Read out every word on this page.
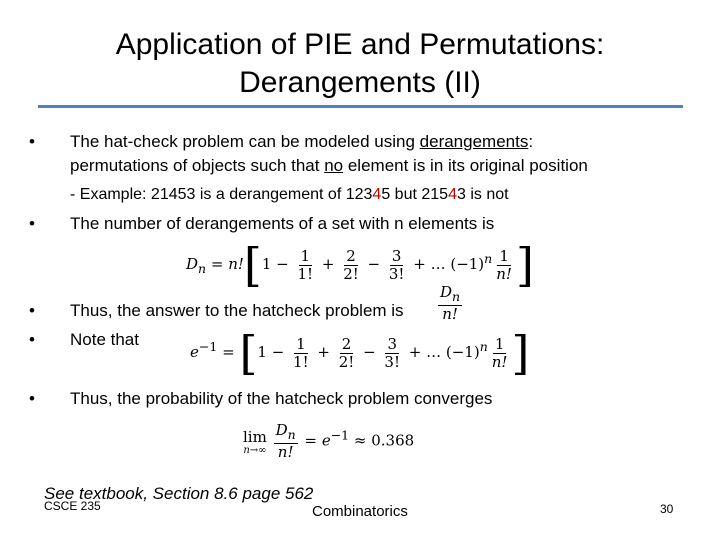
Application of PIE and Permutations:
Derangements (II)
• The hat-check problem can be modeled using derangements:
permutations of objects such that no element is in its original position
- Example: 21453 is a derangement of 12345 but 21543 is not
• The number of derangements of a set with n elements is
$D_n = n![1 - \frac{1}{1!} + \frac{2}{2!} - \frac{3}{3!}$ + … $(-1)^n \frac{1}{n!}$ ]
• Thus, the answer to the hatcheck problem is $\frac{D_n}{n!}$
• Note that
$e^{-1} = [1 - \frac{1}{1!} + \frac{2}{2!} - \frac{3}{3!}$ + … $(-1)^n \frac{1}{n!}$ ]
• Thus, the probability of the hatcheck problem converges
lim
n→∞
$\frac{D_n}{n!} = e^{-1} \approx 0.368$
See textbook, Section 8.6 page 562
CSCE 235	Combinatorics	30
